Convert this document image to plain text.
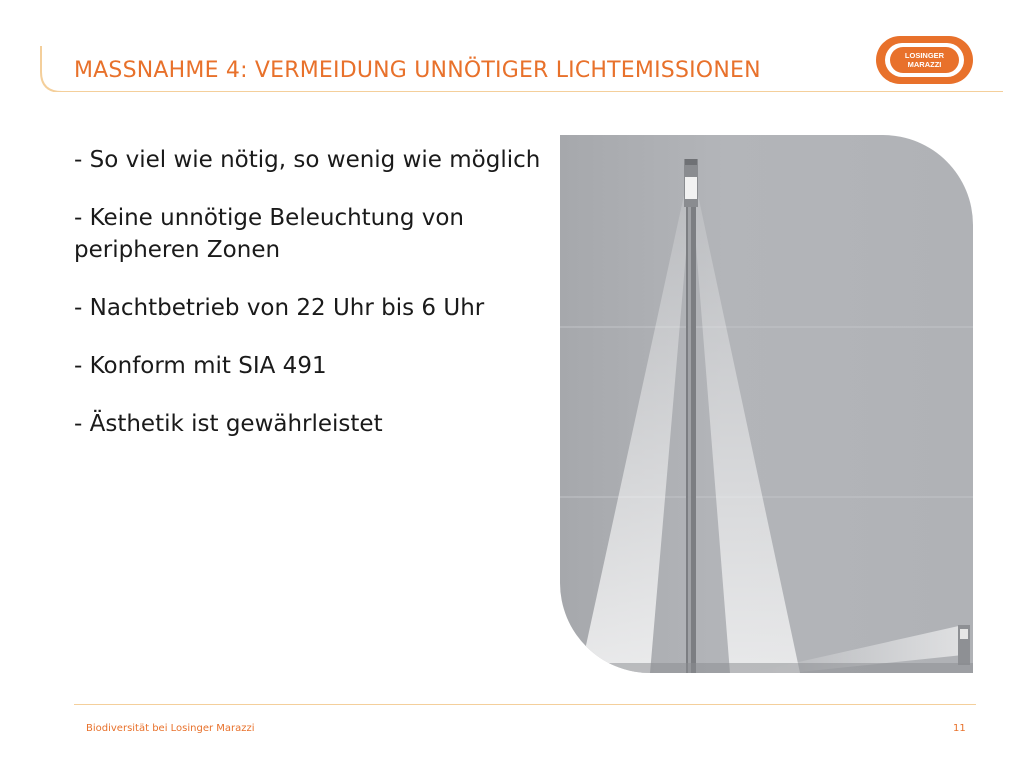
MASSNAHME 4: VERMEIDUNG UNNÖTIGER LICHTEMISSIONEN
LOSINGER
MARAZZI
- So viel wie nötig, so wenig wie möglich
- Keine unnötige Beleuchtung von peripheren Zonen
- Nachtbetrieb von 22 Uhr bis 6 Uhr
- Konform mit SIA 491
- Ästhetik ist gewährleistet
Biodiversität bei Losinger Marazzi	11
